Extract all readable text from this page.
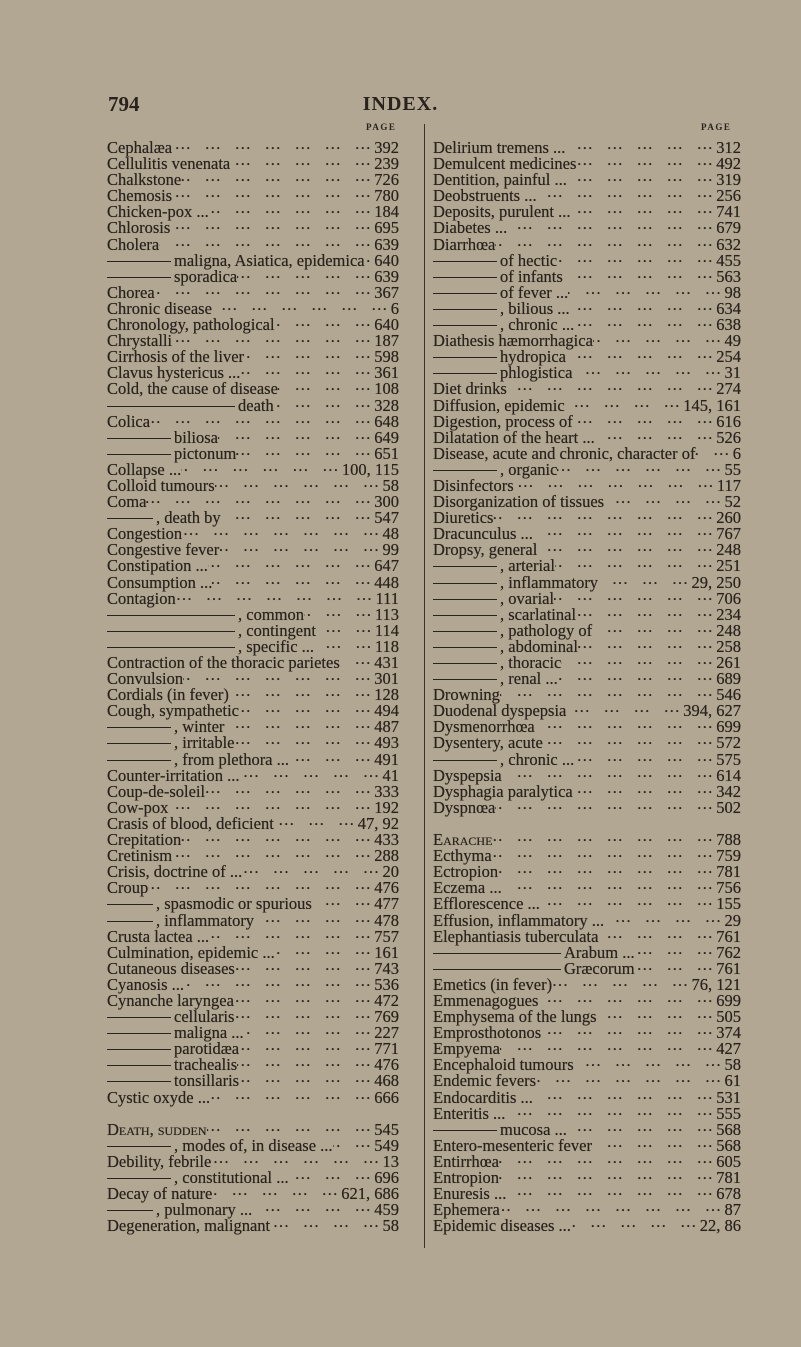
794	INDEX.
PAGE	PAGE
Cephalæa ... .	392
Cellulitis venenata ... .	239
Chalkstone ... .	726
Chemosis ... .	780
Chicken-pox ... ... .	184
Chlorosis ... .	695
Cholera ... .	639
maligna, Asiatica, epidemica ... . 640
sporadica ... .	639
Chorea ... .	367
Chronic disease ... .	6
Chronology, pathological ... .	640
Chrystalli ... .	187
Cirrhosis of the liver ... .	598
Clavus hystericus ... ... .	361
Cold, the cause of disease ... .	108
death ... .	328
Colica ... .	648
biliosa ... .	649
pictonum ... .	651
Collapse ... ... .	100, 115
Colloid tumours ... .	58
Coma ... .	300
, death by ... .	547
Congestion ... .	48
Congestive fever ... .	99
Constipation ... ... .	647
Consumption ... ... .	448
Contagion ... .	111
, common ... .	113
, contingent ... .	114
, specific ... ... .	118
Contraction of the thoracic parietes ... . 431
Convulsion ... .	301
Cordials (in fever) ... .	128
Cough, sympathetic ... .	494
, winter ... .	487
, irritable ... .	493
, from plethora ... ... .	491
Counter-irritation ... ... .	41
Coup-de-soleil ... .	333
Cow-pox ... .	192
Crasis of blood, deficient ... .	47, 92
Crepitation ... .	433
Cretinism ... .	288
Crisis, doctrine of ... ... .	20
Croup ... .	476
, spasmodic or spurious ... .	477
, inflammatory ... .	478
Crusta lactea ... ... .	757
Culmination, epidemic ... ... .	161
Cutaneous diseases ... .	743
Cyanosis ... ... .	536
Cynanche laryngea ... .	472
cellularis ... .	769
maligna ... ... .	227
parotidæa ... .	771
trachealis ... .	476
tonsillaris ... .	468
Cystic oxyde ... ... .	666
Death, sudden ... .	545
, modes of, in disease ... ... .	549
Debility, febrile ... .	13
, constitutional ... ... .	696
Decay of nature ... .	621, 686
, pulmonary ... ... .	459
Degeneration, malignant ... .	58
Delirium tremens ... ... .	312
Demulcent medicines ... .	492
Dentition, painful ... ... .	319
Deobstruents ... ... .	256
Deposits, purulent ... ... .	741
Diabetes ... ... .	679
Diarrhœa ... .	632
of hectic ... .	455
of infants ... .	563
of fever ... ... .	98
, bilious ... ... .	634
, chronic ... ... .	638
Diathesis hæmorrhagica ... .	49
hydropica ... .	254
phlogistica ... .	31
Diet drinks ... .	274
Diffusion, epidemic ... .	145, 161
Digestion, process of ... .	616
Dilatation of the heart ... ... .	526
Disease, acute and chronic, character of ... . 6
, organic ... .	55
Disinfectors ... .	117
Disorganization of tissues ... .	52
Diuretics ... .	260
Dracunculus ... ... .	767
Dropsy, general ... .	248
, arterial ... .	251
, inflammatory ... .	29, 250
, ovarial ... .	706
, scarlatinal ... .	234
, pathology of ... .	248
, abdominal ... .	258
, thoracic ... .	261
, renal ... ... .	689
Drowning ... .	546
Duodenal dyspepsia ... .	394, 627
Dysmenorrhœa ... .	699
Dysentery, acute ... .	572
, chronic ... ... .	575
Dyspepsia ... .	614
Dysphagia paralytica ... .	342
Dyspnœa ... .	502
Earache ... .	788
Ecthyma ... .	759
Ectropion ... .	781
Eczema ... ... .	756
Efflorescence ... ... .	155
Effusion, inflammatory ... ... .	29
Elephantiasis tuberculata ... .	761
Arabum ... ... .	762
Græcorum ... .	761
Emetics (in fever) ... .	76, 121
Emmenagogues ... .	699
Emphysema of the lungs ... .	505
Emprosthotonos ... .	374
Empyema ... .	427
Encephaloid tumours ... .	58
Endemic fevers ... .	61
Endocarditis ... ... .	531
Enteritis ... ... .	555
mucosa ... ... .	568
Entero-mesenteric fever ... .	568
Entirrhœa ... .	605
Entropion ... .	781
Enuresis ... ... .	678
Ephemera ... .	87
Epidemic diseases ... ... .	22, 86
